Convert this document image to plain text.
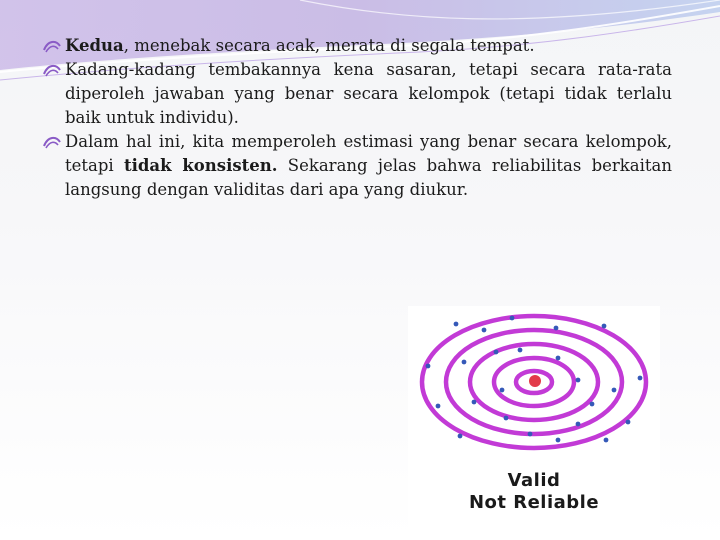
Kedua, menebak secara acak, merata di segala tempat.
Kadang-kadang tembakannya kena sasaran, tetapi secara rata-rata diperoleh jawaban yang benar secara kelompok (tetapi tidak terlalu baik untuk individu).
Dalam hal ini, kita memperoleh estimasi yang benar secara kelompok, tetapi tidak konsisten. Sekarang jelas bahwa reliabilitas berkaitan langsung dengan validitas dari apa yang diukur.
Valid
Not Reliable
